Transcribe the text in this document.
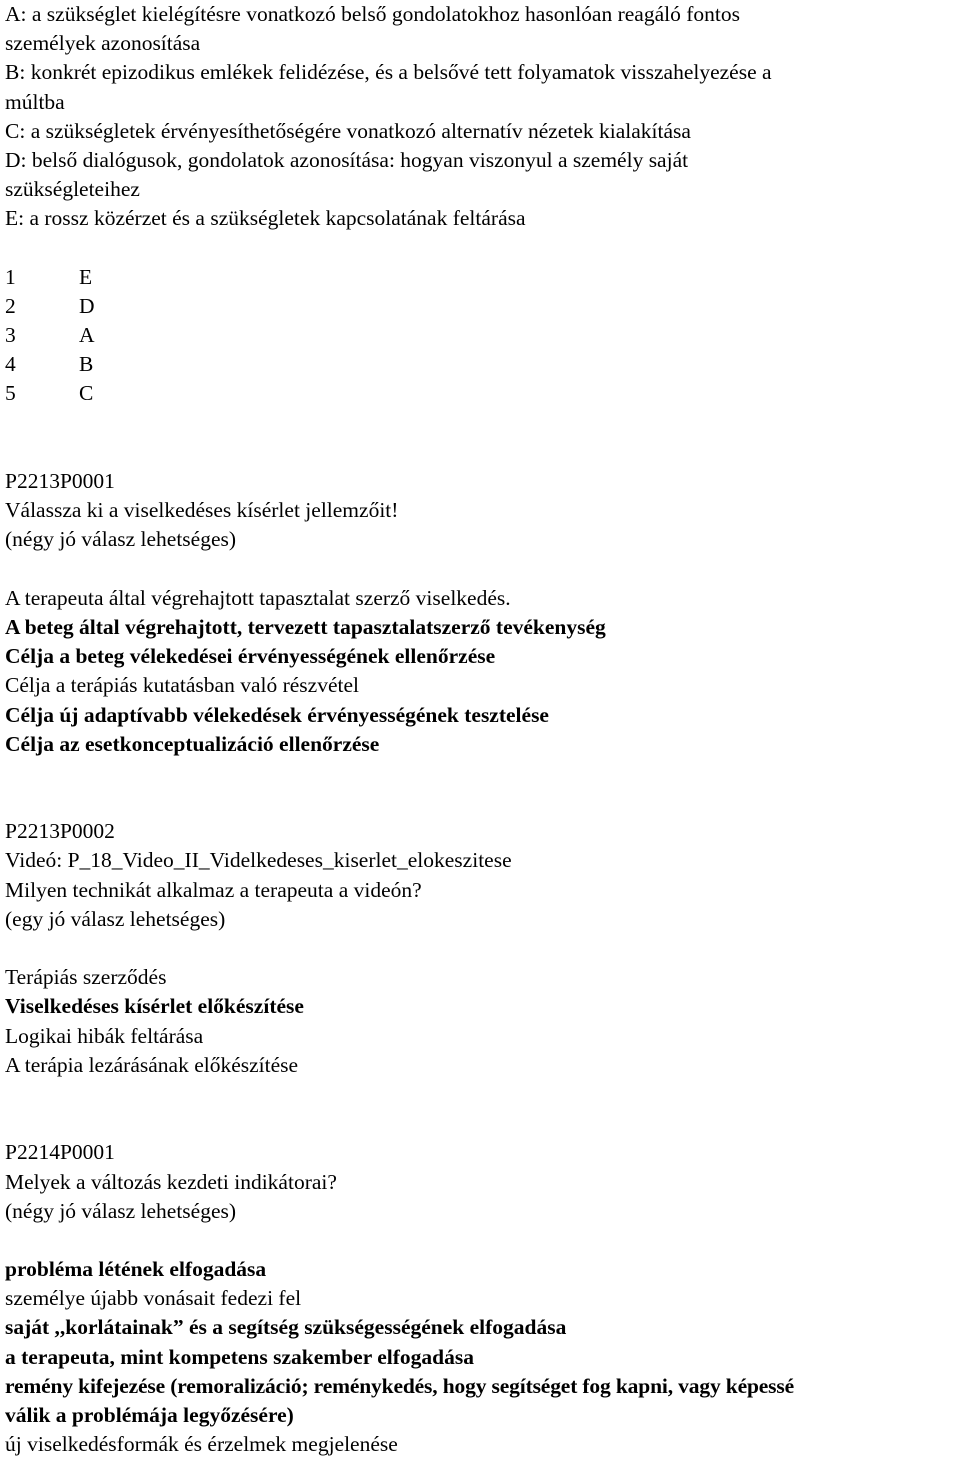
A: a szükséglet kielégítésre vonatkozó belső gondolatokhoz hasonlóan reagáló fontos
személyek azonosítása
B: konkrét epizodikus emlékek felidézése, és a belsővé tett folyamatok visszahelyezése a
múltba
C: a szükségletek érvényesíthetőségére vonatkozó alternatív nézetek kialakítása
D: belső dialógusok, gondolatok azonosítása: hogyan viszonyul a személy saját
szükségleteihez
E: a rossz közérzet és a szükségletek kapcsolatának feltárása
1	E
2	D
3	A
4	B
5	C
P2213P0001
Válassza ki a viselkedéses kísérlet jellemzőit!
(négy jó válasz lehetséges)
A terapeuta által végrehajtott tapasztalat szerző viselkedés.
A beteg által végrehajtott, tervezett tapasztalatszerző tevékenység
Célja a beteg vélekedései érvényességének ellenőrzése
Célja a terápiás kutatásban való részvétel
Célja új adaptívabb vélekedések érvényességének tesztelése
Célja az esetkonceptualizáció ellenőrzése
P2213P0002
Videó: P_18_Video_II_Videlkedeses_kiserlet_elokeszitese
Milyen technikát alkalmaz a terapeuta a videón?
(egy jó válasz lehetséges)
Terápiás szerződés
Viselkedéses kísérlet előkészítése
Logikai hibák feltárása
A terápia lezárásának előkészítése
P2214P0001
Melyek a változás kezdeti indikátorai?
(négy jó válasz lehetséges)
probléma létének elfogadása
személye újabb vonásait fedezi fel
saját ,,korlátainak” és a segítség szükségességének elfogadása
a terapeuta, mint kompetens szakember elfogadása
remény kifejezése (remoralizáció; reménykedés, hogy segítséget fog kapni, vagy képessé
válik a problémája legyőzésére)
új viselkedésformák és érzelmek megjelenése
